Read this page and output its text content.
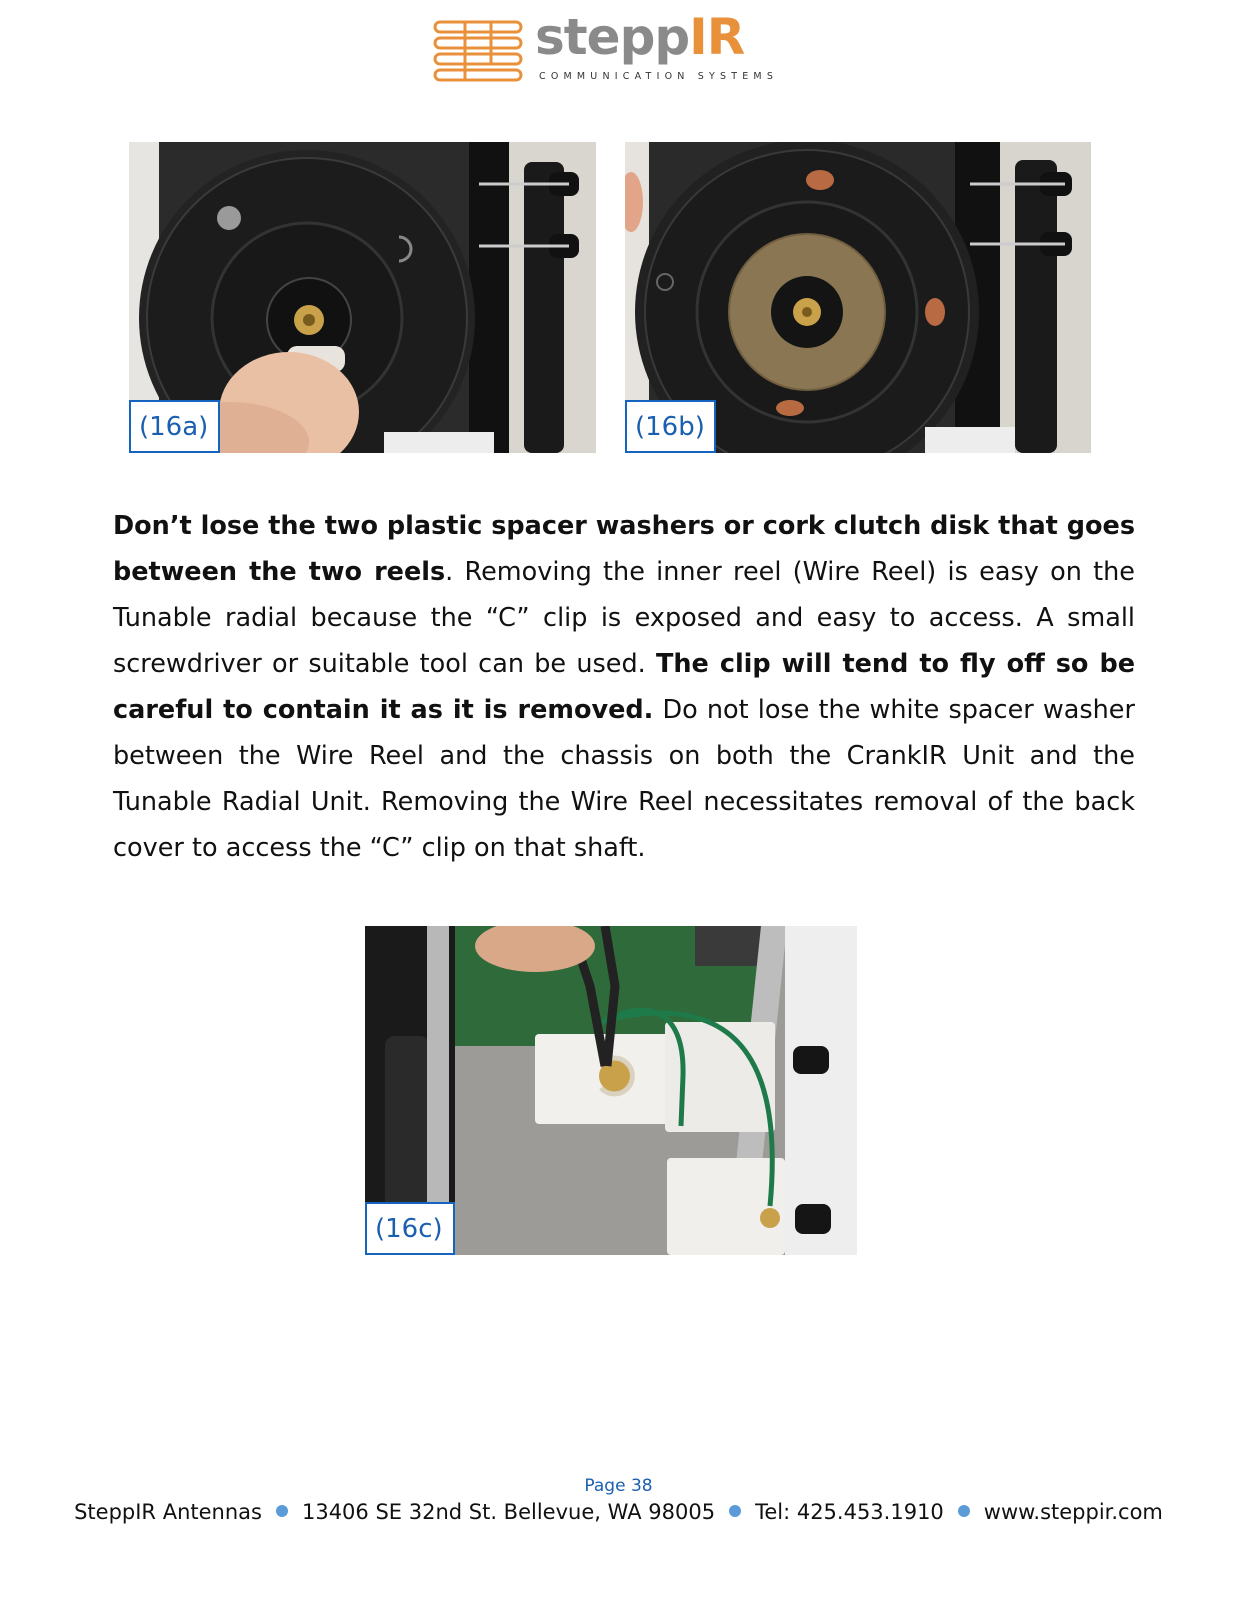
steppIR
COMMUNICATION SYSTEMS
(16a)	(16b)

Don’t lose the two plastic spacer washers or cork clutch disk that goes between the two reels. Removing the inner reel (Wire Reel) is easy on the Tunable radial because the “C” clip is exposed and easy to access. A small screwdriver or suitable tool can be used. The clip will tend to fly off so be careful to contain it as it is removed. Do not lose the white spacer washer between the Wire Reel and the chassis on both the CrankIR Unit and the Tunable Radial Unit. Removing the Wire Reel necessitates removal of the back cover to access the “C” clip on that shaft.

(16c)
Page 38
SteppIR Antennas 13406 SE 32nd St. Bellevue, WA 98005 Tel: 425.453.1910 www.steppir.com
